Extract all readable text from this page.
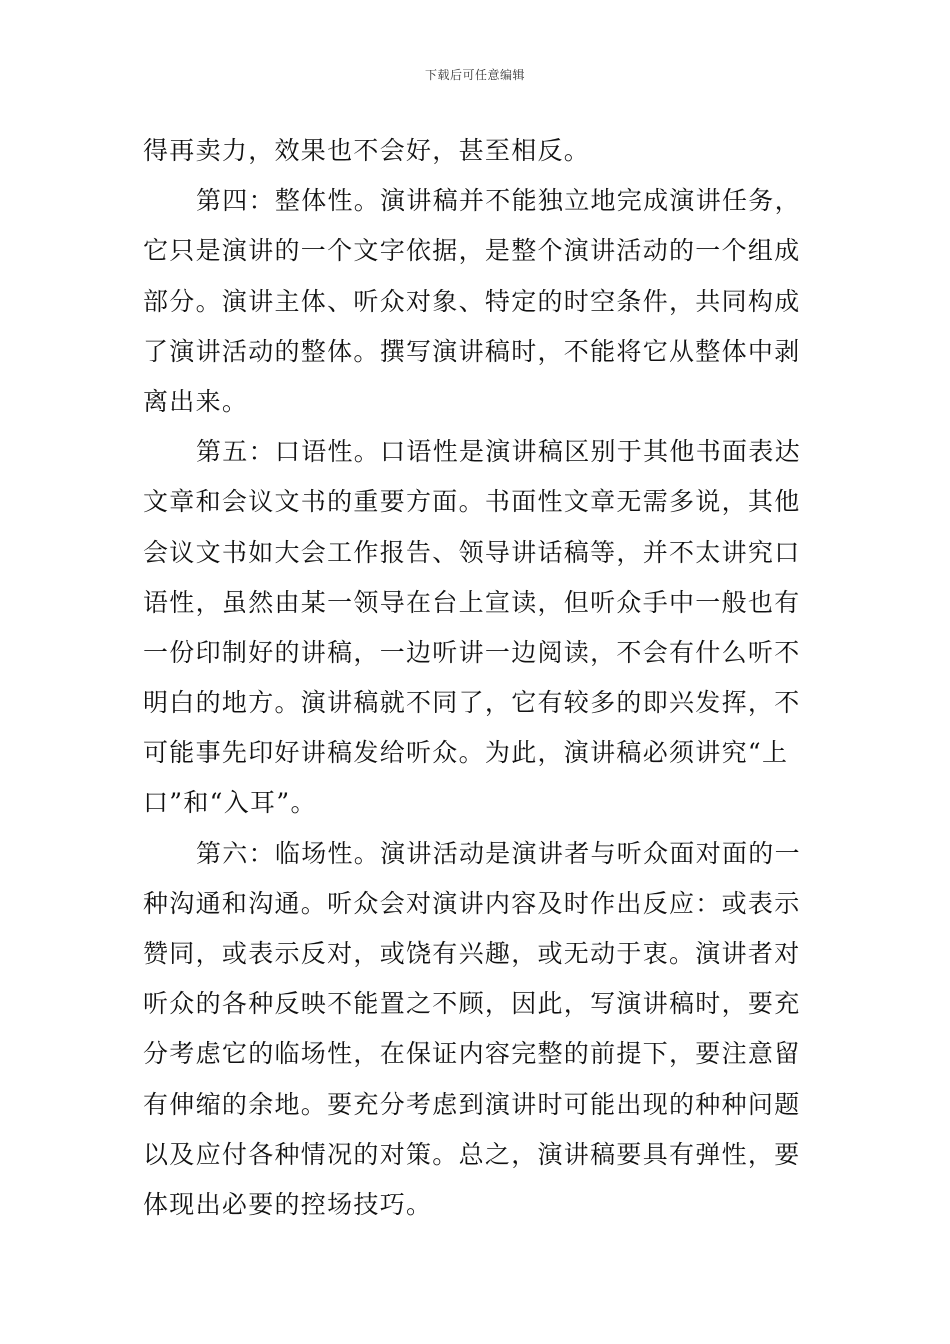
下载后可任意编辑
得再卖力，效果也不会好，甚至相反。
第四：整体性。演讲稿并不能独立地完成演讲任务，
它只是演讲的一个文字依据，是整个演讲活动的一个组成
部分。演讲主体、听众对象、特定的时空条件，共同构成
了演讲活动的整体。撰写演讲稿时，不能将它从整体中剥
离出来。
第五：口语性。口语性是演讲稿区别于其他书面表达
文章和会议文书的重要方面。书面性文章无需多说，其他
会议文书如大会工作报告、领导讲话稿等，并不太讲究口
语性，虽然由某一领导在台上宣读，但听众手中一般也有
一份印制好的讲稿，一边听讲一边阅读，不会有什么听不
明白的地方。演讲稿就不同了，它有较多的即兴发挥，不
可能事先印好讲稿发给听众。为此，演讲稿必须讲究“上
口”和“入耳”。
第六：临场性。演讲活动是演讲者与听众面对面的一
种沟通和沟通。听众会对演讲内容及时作出反应：或表示
赞同，或表示反对，或饶有兴趣，或无动于衷。演讲者对
听众的各种反映不能置之不顾，因此，写演讲稿时，要充
分考虑它的临场性，在保证内容完整的前提下，要注意留
有伸缩的余地。要充分考虑到演讲时可能出现的种种问题
以及应付各种情况的对策。总之，演讲稿要具有弹性，要
体现出必要的控场技巧。
